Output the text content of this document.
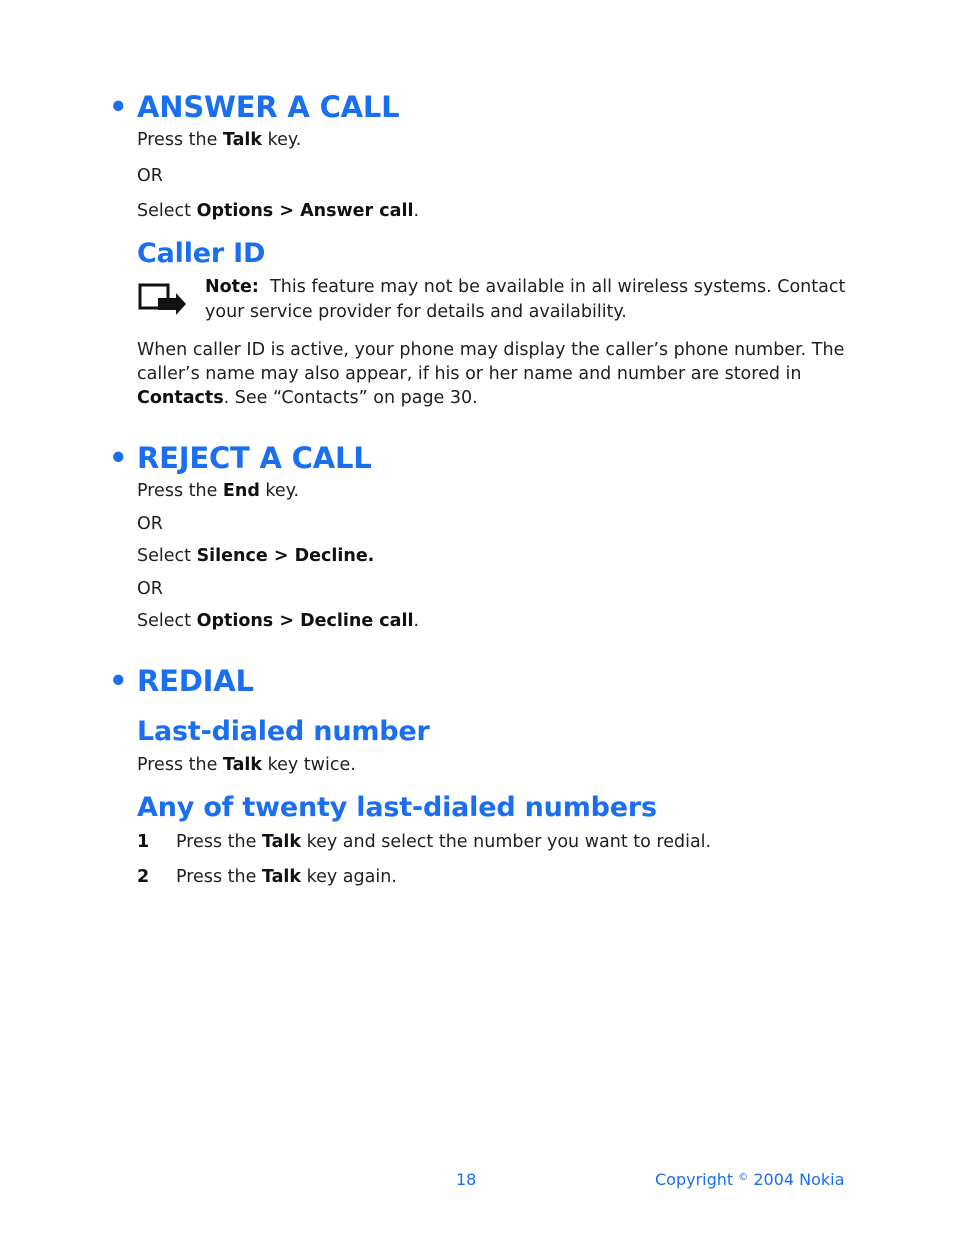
• ANSWER A CALL
Press the Talk key.
OR
Select Options > Answer call.
Caller ID
Note: This feature may not be available in all wireless systems. Contact
your service provider for details and availability.
When caller ID is active, your phone may display the caller’s phone number. The
caller’s name may also appear, if his or her name and number are stored in
Contacts. See “Contacts” on page 30.
• REJECT A CALL
Press the End key.
OR
Select Silence > Decline.
OR
Select Options > Decline call.
• REDIAL
Last-dialed number
Press the Talk key twice.
Any of twenty last-dialed numbers
1 Press the Talk key and select the number you want to redial.
2 Press the Talk key again.
18	Copyright © 2004 Nokia
